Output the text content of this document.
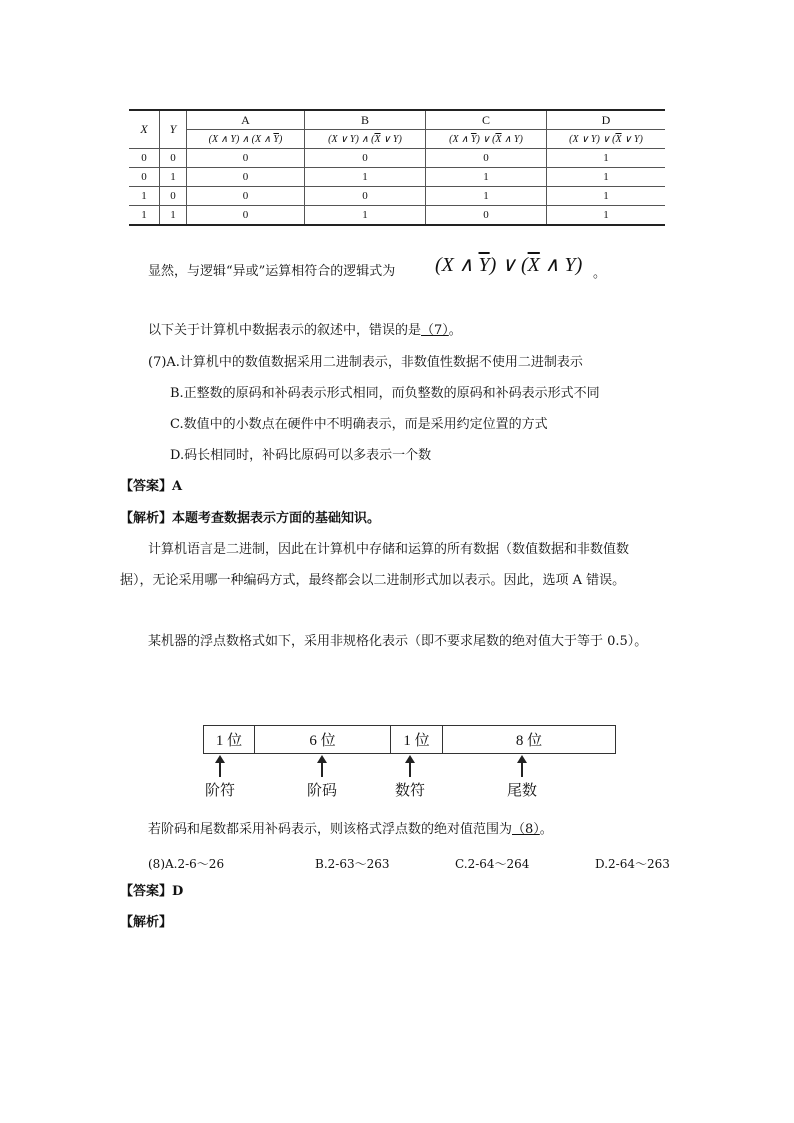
X	Y	A	B	C	D
		(X ∧ Y) ∧ (X ∧ $\overline{Y}$)	(X ∨ Y) ∧ ($\overline{X}$ ∨ Y)	(X ∧ $\overline{Y}$) ∨ ($\overline{X}$ ∧ Y)	(X ∨ Y) ∨ ($\overline{X}$ ∨ Y)
0	0	0	0	0	1
0	1	0	1	1	1
1	0	0	0	1	1
1	1	0	1	0	1
显然，与逻辑“异或”运算相符合的逻辑式为 (X ∧ $\overline{Y}$) ∨ ($\overline{X}$ ∧ Y) 。
以下关于计算机中数据表示的叙述中，错误的是（7）。
(7)A.计算机中的数值数据采用二进制表示，非数值性数据不使用二进制表示
B.正整数的原码和补码表示形式相同，而负整数的原码和补码表示形式不同
C.数值中的小数点在硬件中不明确表示，而是采用约定位置的方式
D.码长相同时，补码比原码可以多表示一个数
【答案】A
【解析】本题考查数据表示方面的基础知识。
计算机语言是二进制，因此在计算机中存储和运算的所有数据（数值数据和非数值数
据），无论采用哪一种编码方式，最终都会以二进制形式加以表示。因此，选项 A 错误。
某机器的浮点数格式如下，采用非规格化表示（即不要求尾数的绝对值大于等于 0.5）。
1 位	6 位	1 位	8 位
阶符	阶码	数符	尾数
若阶码和尾数都采用补码表示，则该格式浮点数的绝对值范围为（8）。
(8)A.2-6～26	B.2-63～263	C.2-64～264	D.2-64～263
【答案】D
【解析】
